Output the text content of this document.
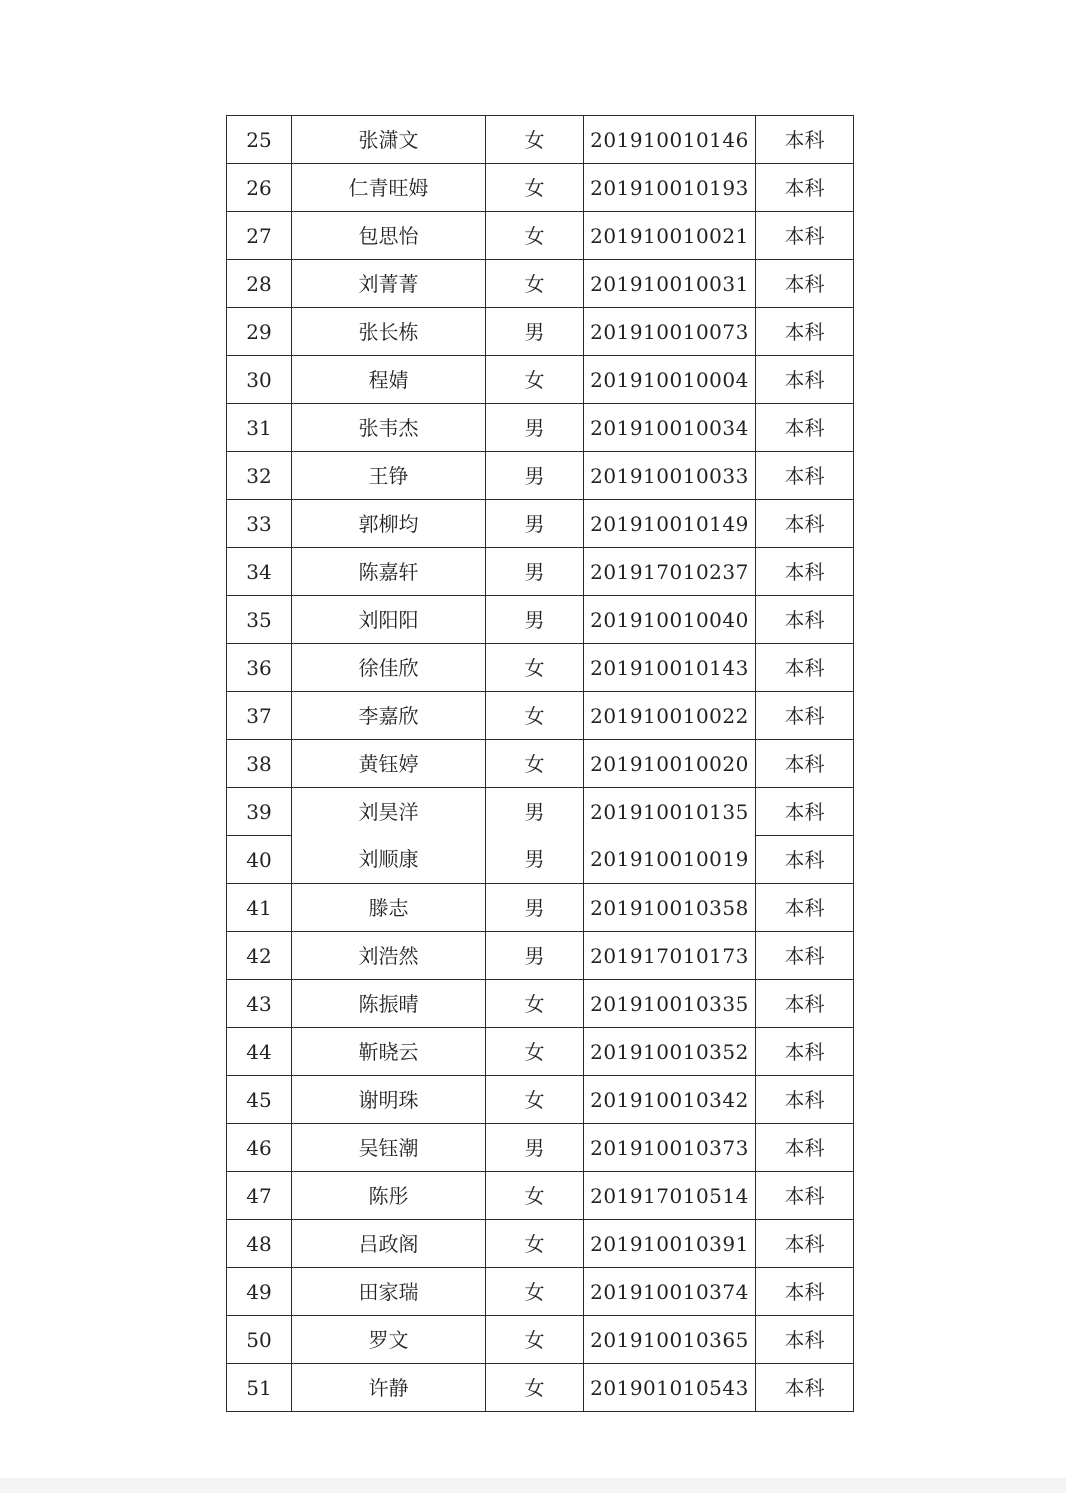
25	张潇文	女	201910010146	本科
26	仁青旺姆	女	201910010193	本科
27	包思怡	女	201910010021	本科
28	刘菁菁	女	201910010031	本科
29	张长栋	男	201910010073	本科
30	程婧	女	201910010004	本科
31	张韦杰	男	201910010034	本科
32	王铮	男	201910010033	本科
33	郭柳均	男	201910010149	本科
34	陈嘉轩	男	201917010237	本科
35	刘阳阳	男	201910010040	本科
36	徐佳欣	女	201910010143	本科
37	李嘉欣	女	201910010022	本科
38	黄钰婷	女	201910010020	本科
39	刘昊洋	男	201910010135	本科
40	刘顺康	男	201910010019	本科
41	滕志	男	201910010358	本科
42	刘浩然	男	201917010173	本科
43	陈振晴	女	201910010335	本科
44	靳晓云	女	201910010352	本科
45	谢明珠	女	201910010342	本科
46	吴钰潮	男	201910010373	本科
47	陈彤	女	201917010514	本科
48	吕政阁	女	201910010391	本科
49	田家瑞	女	201910010374	本科
50	罗文	女	201910010365	本科
51	许静	女	201901010543	本科
